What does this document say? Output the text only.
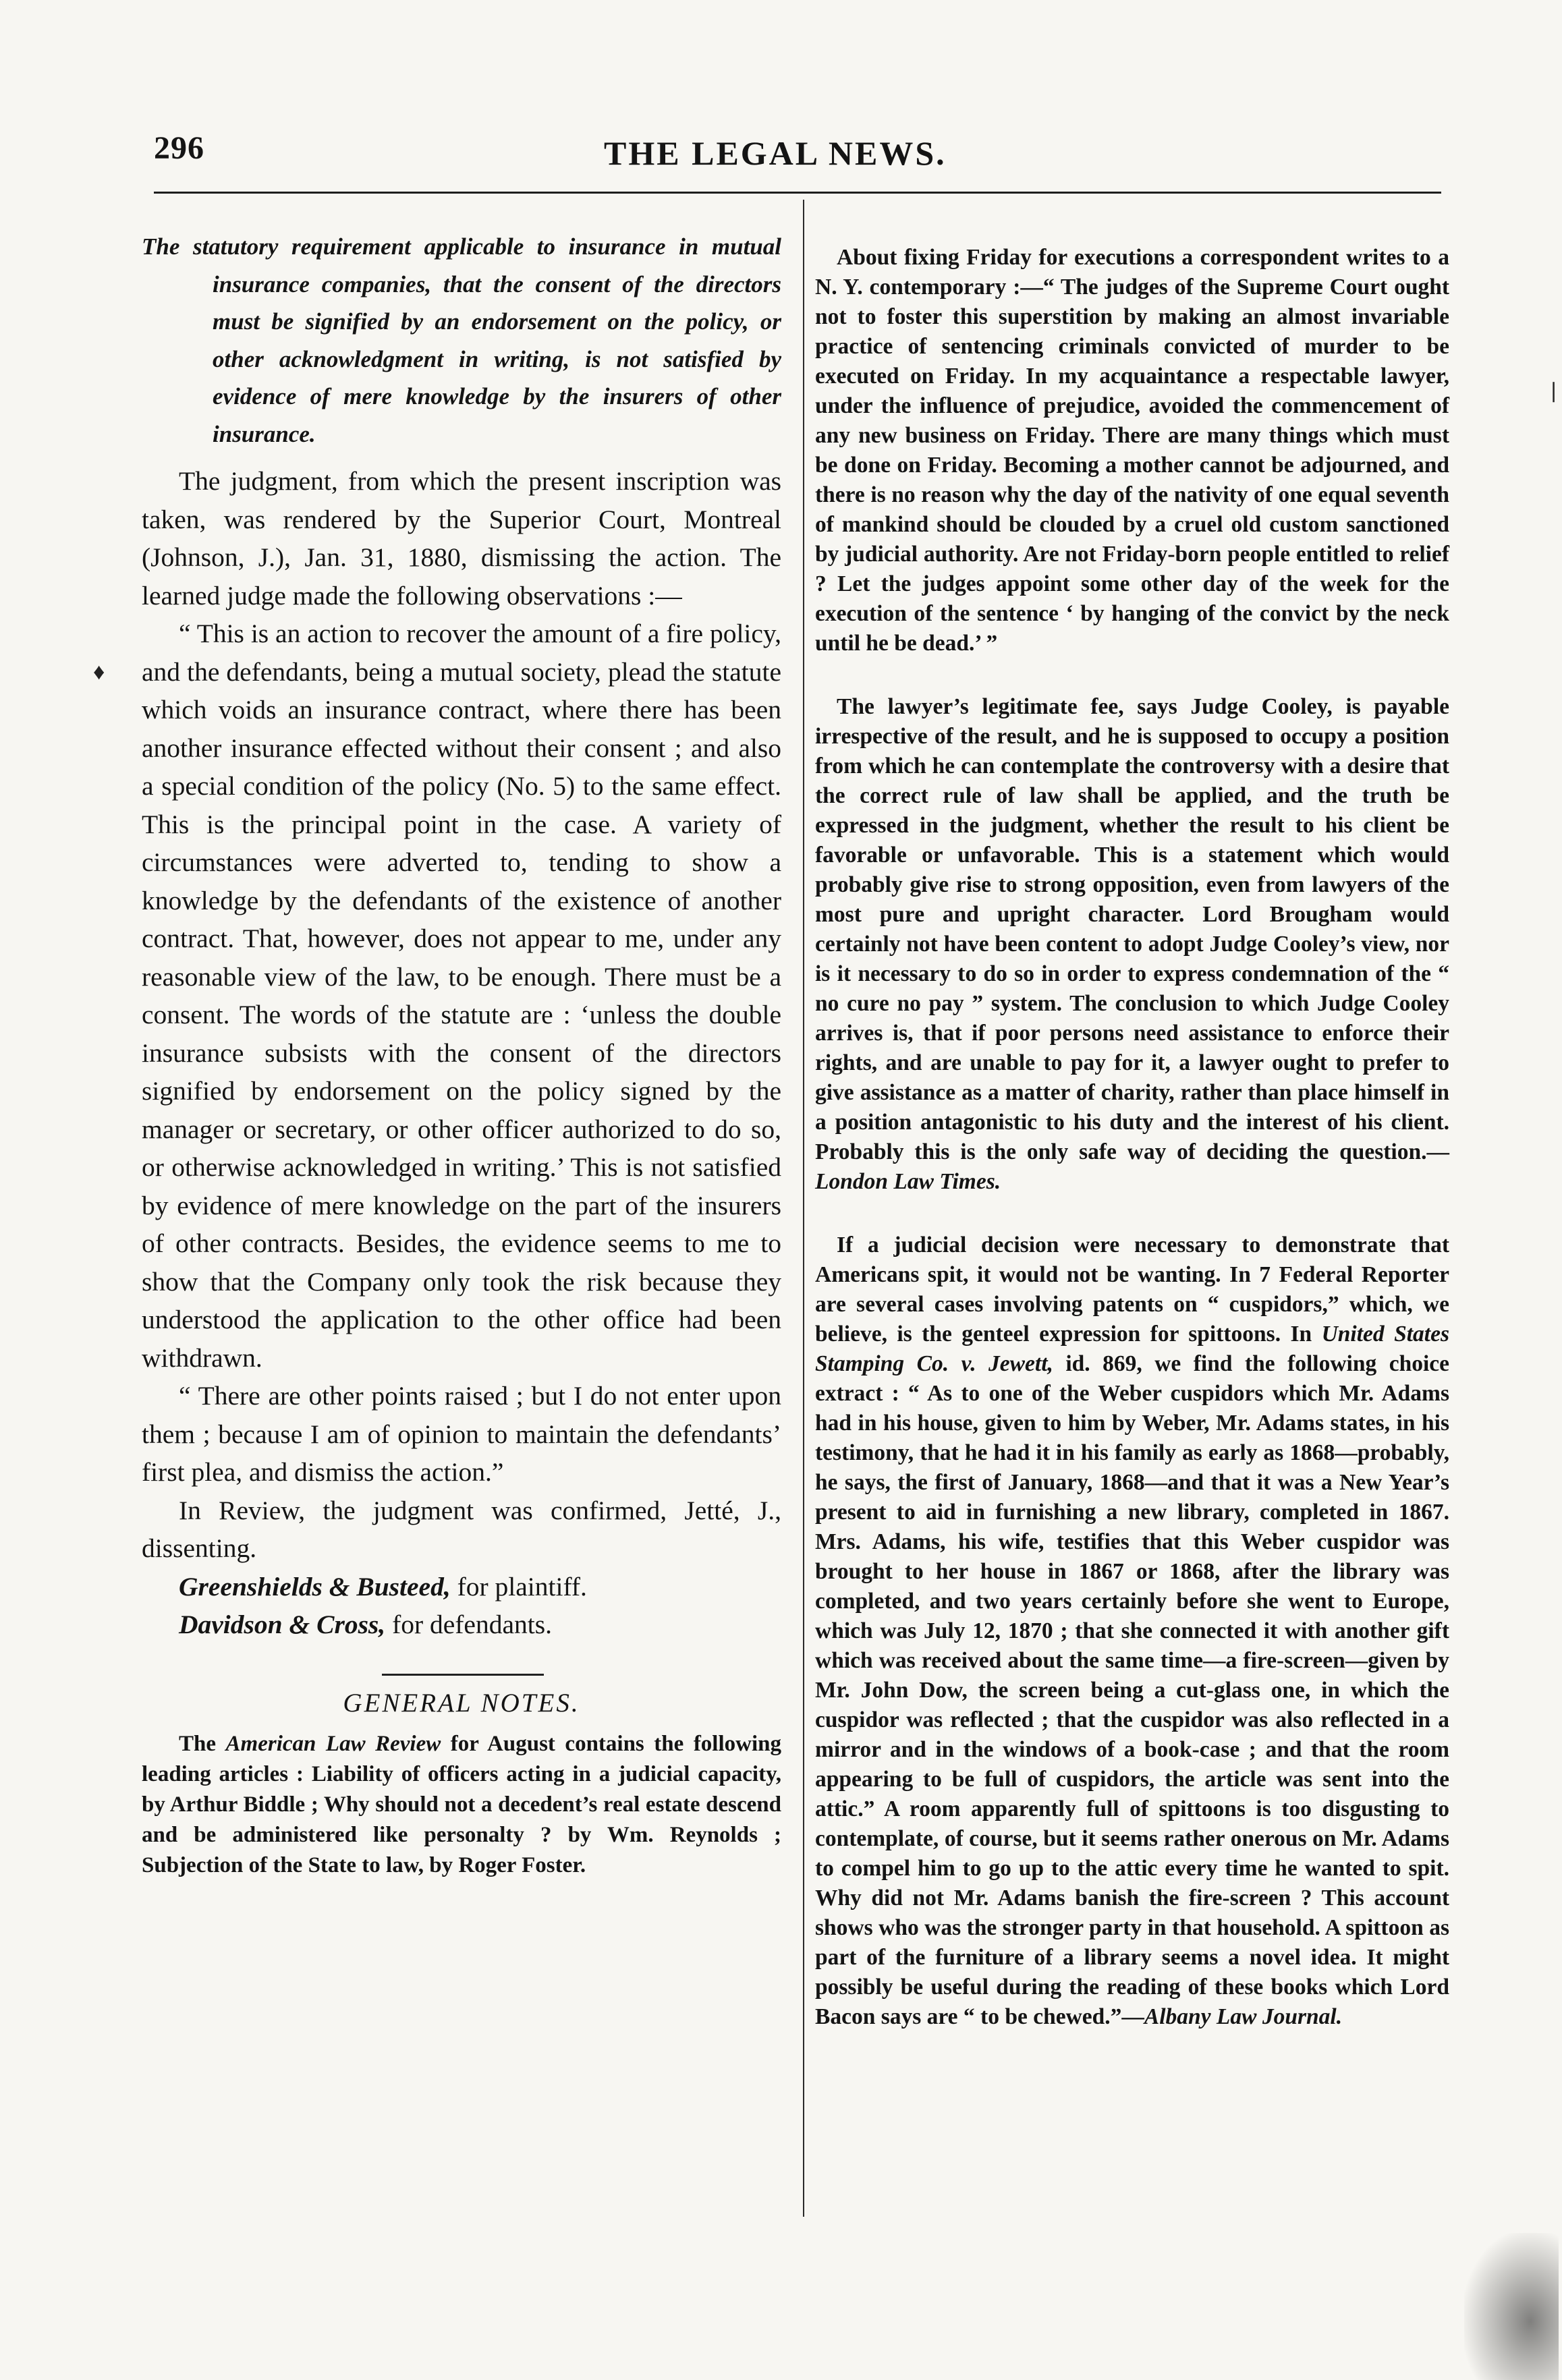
296	THE LEGAL NEWS.

The statutory requirement applicable to insurance in mutual insurance companies, that the consent of the directors must be signified by an endorsement on the policy, or other acknowledgment in writing, is not satisfied by evidence of mere knowledge by the insurers of other insurance.

The judgment, from which the present inscription was taken, was rendered by the Superior Court, Montreal (Johnson, J.), Jan. 31, 1880, dismissing the action. The learned judge made the following observations :—

“ This is an action to recover the amount of a fire policy, and the defendants, being a mutual society, plead the statute which voids an insurance contract, where there has been another insurance effected without their consent ; and also a special condition of the policy (No. 5) to the same effect. This is the principal point in the case. A variety of circumstances were adverted to, tending to show a knowledge by the defendants of the existence of another contract. That, however, does not appear to me, under any reasonable view of the law, to be enough. There must be a consent. The words of the statute are : ‘unless the double insurance subsists with the consent of the directors signified by endorsement on the policy signed by the manager or secretary, or other officer authorized to do so, or otherwise acknowledged in writing.’ This is not satisfied by evidence of mere knowledge on the part of the insurers of other contracts. Besides, the evidence seems to me to show that the Company only took the risk because they understood the application to the other office had been withdrawn.

“ There are other points raised ; but I do not enter upon them ; because I am of opinion to maintain the defendants’ first plea, and dismiss the action.”

In Review, the judgment was confirmed, Jetté, J., dissenting.

Greenshields & Busteed, for plaintiff.

Davidson & Cross, for defendants.

GENERAL NOTES.

The American Law Review for August contains the following leading articles : Liability of officers acting in a judicial capacity, by Arthur Biddle ; Why should not a decedent’s real estate descend and be administered like personalty ? by Wm. Reynolds ; Subjection of the State to law, by Roger Foster.

About fixing Friday for executions a correspondent writes to a N. Y. contemporary :—“ The judges of the Supreme Court ought not to foster this superstition by making an almost invariable practice of sentencing criminals convicted of murder to be executed on Friday. In my acquaintance a respectable lawyer, under the influence of prejudice, avoided the commencement of any new business on Friday. There are many things which must be done on Friday. Becoming a mother cannot be adjourned, and there is no reason why the day of the nativity of one equal seventh of mankind should be clouded by a cruel old custom sanctioned by judicial authority. Are not Friday-born people entitled to relief ? Let the judges appoint some other day of the week for the execution of the sentence ‘ by hanging of the convict by the neck until he be dead.’ ”

The lawyer’s legitimate fee, says Judge Cooley, is payable irrespective of the result, and he is supposed to occupy a position from which he can contemplate the controversy with a desire that the correct rule of law shall be applied, and the truth be expressed in the judgment, whether the result to his client be favorable or unfavorable. This is a statement which would probably give rise to strong opposition, even from lawyers of the most pure and upright character. Lord Brougham would certainly not have been content to adopt Judge Cooley’s view, nor is it necessary to do so in order to express condemnation of the “ no cure no pay ” system. The conclusion to which Judge Cooley arrives is, that if poor persons need assistance to enforce their rights, and are unable to pay for it, a lawyer ought to prefer to give assistance as a matter of charity, rather than place himself in a position antagonistic to his duty and the interest of his client. Probably this is the only safe way of deciding the question.—London Law Times.

If a judicial decision were necessary to demonstrate that Americans spit, it would not be wanting. In 7 Federal Reporter are several cases involving patents on “ cuspidors,” which, we believe, is the genteel expression for spittoons. In United States Stamping Co. v. Jewett, id. 869, we find the following choice extract : “ As to one of the Weber cuspidors which Mr. Adams had in his house, given to him by Weber, Mr. Adams states, in his testimony, that he had it in his family as early as 1868—probably, he says, the first of January, 1868—and that it was a New Year’s present to aid in furnishing a new library, completed in 1867. Mrs. Adams, his wife, testifies that this Weber cuspidor was brought to her house in 1867 or 1868, after the library was completed, and two years certainly before she went to Europe, which was July 12, 1870 ; that she connected it with another gift which was received about the same time—a fire-screen—given by Mr. John Dow, the screen being a cut-glass one, in which the cuspidor was reflected ; that the cuspidor was also reflected in a mirror and in the windows of a book-case ; and that the room appearing to be full of cuspidors, the article was sent into the attic.” A room apparently full of spittoons is too disgusting to contemplate, of course, but it seems rather onerous on Mr. Adams to compel him to go up to the attic every time he wanted to spit. Why did not Mr. Adams banish the fire-screen ? This account shows who was the stronger party in that household. A spittoon as part of the furniture of a library seems a novel idea. It might possibly be useful during the reading of these books which Lord Bacon says are “ to be chewed.”—Albany Law Journal.

♦
❘
